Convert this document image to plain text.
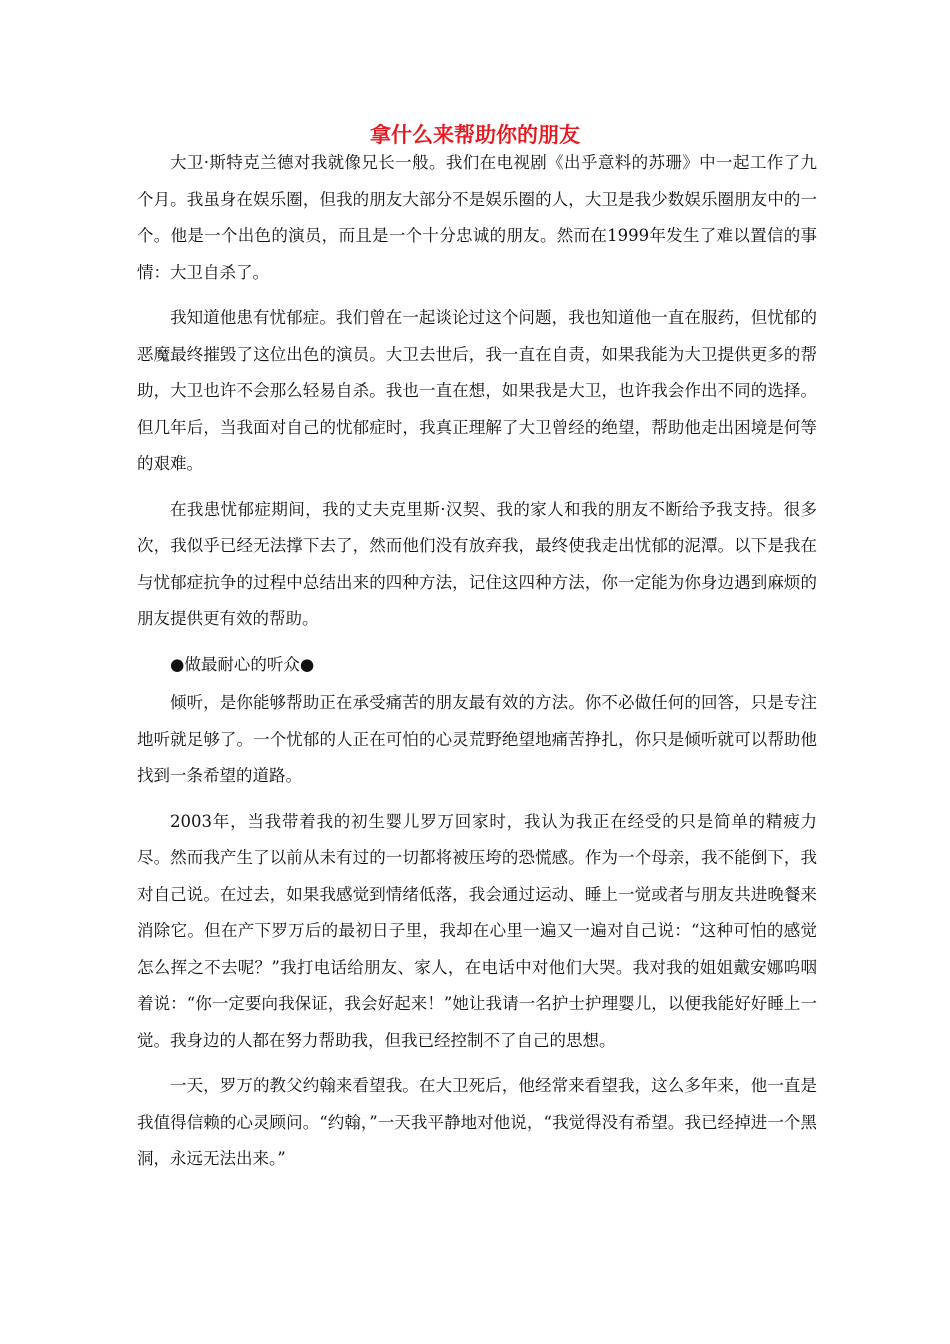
拿什么来帮助你的朋友

大卫·斯特克兰德对我就像兄长一般。我们在电视剧《出乎意料的苏珊》中一起工作了九个月。我虽身在娱乐圈，但我的朋友大部分不是娱乐圈的人，大卫是我少数娱乐圈朋友中的一个。他是一个出色的演员，而且是一个十分忠诚的朋友。然而在1999年发生了难以置信的事情：大卫自杀了。

我知道他患有忧郁症。我们曾在一起谈论过这个问题，我也知道他一直在服药，但忧郁的恶魔最终摧毁了这位出色的演员。大卫去世后，我一直在自责，如果我能为大卫提供更多的帮助，大卫也许不会那么轻易自杀。我也一直在想，如果我是大卫，也许我会作出不同的选择。但几年后，当我面对自己的忧郁症时，我真正理解了大卫曾经的绝望，帮助他走出困境是何等的艰难。

在我患忧郁症期间，我的丈夫克里斯·汉契、我的家人和我的朋友不断给予我支持。很多次，我似乎已经无法撑下去了，然而他们没有放弃我，最终使我走出忧郁的泥潭。以下是我在与忧郁症抗争的过程中总结出来的四种方法，记住这四种方法，你一定能为你身边遇到麻烦的朋友提供更有效的帮助。

●做最耐心的听众●

倾听，是你能够帮助正在承受痛苦的朋友最有效的方法。你不必做任何的回答，只是专注地听就足够了。一个忧郁的人正在可怕的心灵荒野绝望地痛苦挣扎，你只是倾听就可以帮助他找到一条希望的道路。

2003年，当我带着我的初生婴儿罗万回家时，我认为我正在经受的只是简单的精疲力尽。然而我产生了以前从未有过的一切都将被压垮的恐慌感。作为一个母亲，我不能倒下，我对自己说。在过去，如果我感觉到情绪低落，我会通过运动、睡上一觉或者与朋友共进晚餐来消除它。但在产下罗万后的最初日子里，我却在心里一遍又一遍对自己说：“这种可怕的感觉怎么挥之不去呢？”我打电话给朋友、家人，在电话中对他们大哭。我对我的姐姐戴安娜呜咽着说：“你一定要向我保证，我会好起来！”她让我请一名护士护理婴儿，以便我能好好睡上一觉。我身边的人都在努力帮助我，但我已经控制不了自己的思想。

一天，罗万的教父约翰来看望我。在大卫死后，他经常来看望我，这么多年来，他一直是我值得信赖的心灵顾问。“约翰，”一天我平静地对他说，“我觉得没有希望。我已经掉进一个黑洞，永远无法出来。”
